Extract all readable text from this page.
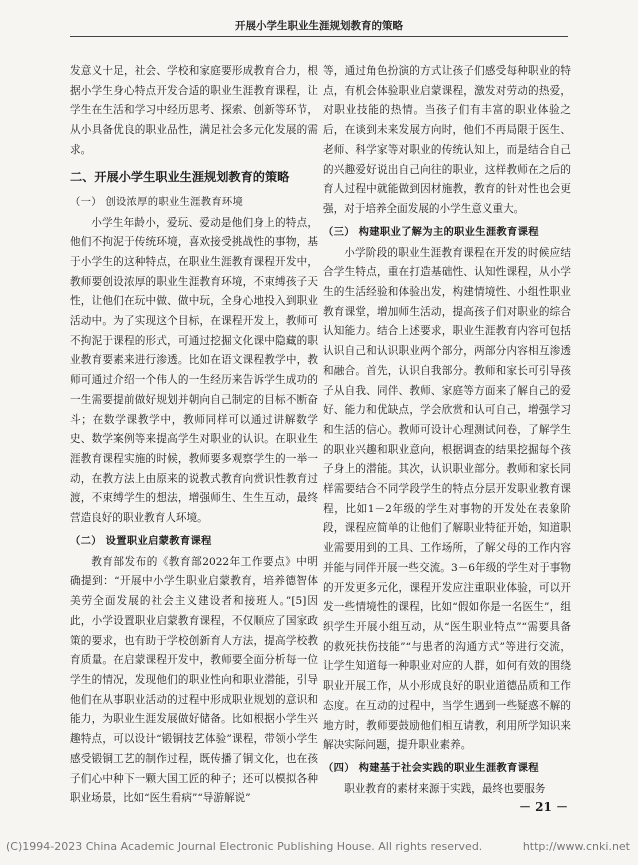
开展小学生职业生涯规划教育的策略

发意义十足，社会、学校和家庭要形成教育合力，根据小学生身心特点开发合适的职业生涯教育课程，让学生在生活和学习中经历思考、探索、创新等环节，从小具备优良的职业品性，满足社会多元化发展的需求。

二、开展小学生职业生涯规划教育的策略
（一） 创设浓厚的职业生涯教育环境

小学生年龄小，爱玩、爱动是他们身上的特点，他们不拘泥于传统环境，喜欢接受挑战性的事物，基于小学生的这种特点，在职业生涯教育课程开发中，教师要创设浓厚的职业生涯教育环境，不束缚孩子天性，让他们在玩中做、做中玩，全身心地投入到职业活动中。为了实现这个目标，在课程开发上，教师可不拘泥于课程的形式，可通过挖掘文化课中隐藏的职业教育要素来进行渗透。比如在语文课程教学中，教师可通过介绍一个伟人的一生经历来告诉学生成功的一生需要提前做好规划并朝向自己制定的目标不断奋斗；在数学课教学中，教师同样可以通过讲解数学史、数学案例等来提高学生对职业的认识。在职业生涯教育课程实施的时候，教师要多观察学生的一举一动，在教方法上由原来的说教式教育向赏识性教育过渡，不束缚学生的想法，增强师生、生生互动，最终营造良好的职业教育人环境。

（二） 设置职业启蒙教育课程

教育部发布的《教育部2022年工作要点》中明确提到：“开展中小学生职业启蒙教育，培养德智体美劳全面发展的社会主义建设者和接班人。”[5]因此，小学设置职业启蒙教育课程，不仅顺应了国家政策的要求，也有助于学校创新育人方法，提高学校教育质量。在启蒙课程开发中，教师要全面分析每一位学生的情况，发现他们的职业性向和职业潜能，引导他们在从事职业活动的过程中形成职业规划的意识和能力，为职业生涯发展做好储备。比如根据小学生兴趣特点，可以设计“锻铜技艺体验”课程，带领小学生感受锻铜工艺的制作过程，既传播了铜文化，也在孩子们心中种下一颗大国工匠的种子；还可以模拟各种职业场景，比如“医生看病”“导游解说”

等，通过角色扮演的方式让孩子们感受每种职业的特点，有机会体验职业启蒙课程，激发对劳动的热爱，对职业技能的热情。当孩子们有丰富的职业体验之后，在谈到未来发展方向时，他们不再局限于医生、老师、科学家等对职业的传统认知上，而是结合自己的兴趣爱好说出自己向往的职业，这样教师在之后的育人过程中就能做到因材施教，教育的针对性也会更强，对于培养全面发展的小学生意义重大。

（三） 构建职业了解为主的职业生涯教育课程

小学阶段的职业生涯教育课程在开发的时候应结合学生特点，重在打造基础性、认知性课程，从小学生的生活经验和体验出发，构建情境性、小组性职业教育课堂，增加师生活动，提高孩子们对职业的综合认知能力。结合上述要求，职业生涯教育内容可包括认识自己和认识职业两个部分，两部分内容相互渗透和融合。首先，认识自我部分。教师和家长可引导孩子从自我、同伴、教师、家庭等方面来了解自己的爱好、能力和优缺点，学会欣赏和认可自己，增强学习和生活的信心。教师可设计心理测试问卷，了解学生的职业兴趣和职业意向，根据调查的结果挖掘每个孩子身上的潜能。其次，认识职业部分。教师和家长同样需要结合不同学段学生的特点分层开发职业教育课程，比如1－2年级的学生对事物的开发处在表象阶段，课程应简单的让他们了解职业特征开始，知道职业需要用到的工具、工作场所，了解父母的工作内容并能与同伴开展一些交流。3－6年级的学生对于事物的开发更多元化，课程开发应注重职业体验，可以开发一些情境性的课程，比如“假如你是一名医生”，组织学生开展小组互动，从“医生职业特点”“需要具备的救死扶伤技能”“与患者的沟通方式”等进行交流，让学生知道每一种职业对应的人群，如何有效的围绕职业开展工作，从小形成良好的职业道德品质和工作态度。在互动的过程中，当学生遇到一些疑惑不解的地方时，教师要鼓励他们相互请教，利用所学知识来解决实际问题，提升职业素养。

（四） 构建基于社会实践的职业生涯教育课程

职业教育的素材来源于实践，最终也要服务

－ 21 －
(C)1994-2023 China Academic Journal Electronic Publishing House. All rights reserved.	http://www.cnki.net
